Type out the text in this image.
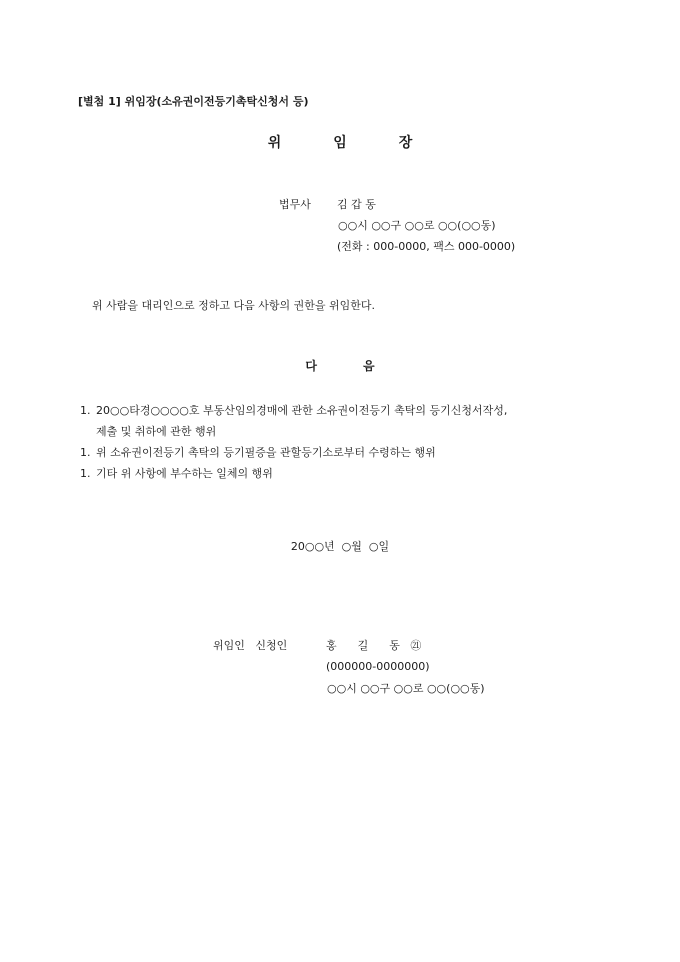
[별첨 1] 위임장(소유권이전등기촉탁신청서 등)
위	임	장
법무사 김 갑 동
○○시 ○○구 ○○로 ○○(○○동)
(전화 : 000-0000, 팩스 000-0000)
위 사람을 대리인으로 정하고 다음 사항의 권한을 위임한다.
다	음
1. 20○○타경○○○○호 부동산임의경매에 관한 소유권이전등기 촉탁의 등기신청서작성,
제출 및 취하에 관한 행위
1. 위 소유권이전등기 촉탁의 등기필증을 관할등기소로부터 수령하는 행위
1. 기타 위 사항에 부수하는 일체의 행위
20○○년  ○월  ○일
위임인   신청인	홍      길      동   ㉑
(000000-0000000)
○○시 ○○구 ○○로 ○○(○○동)
